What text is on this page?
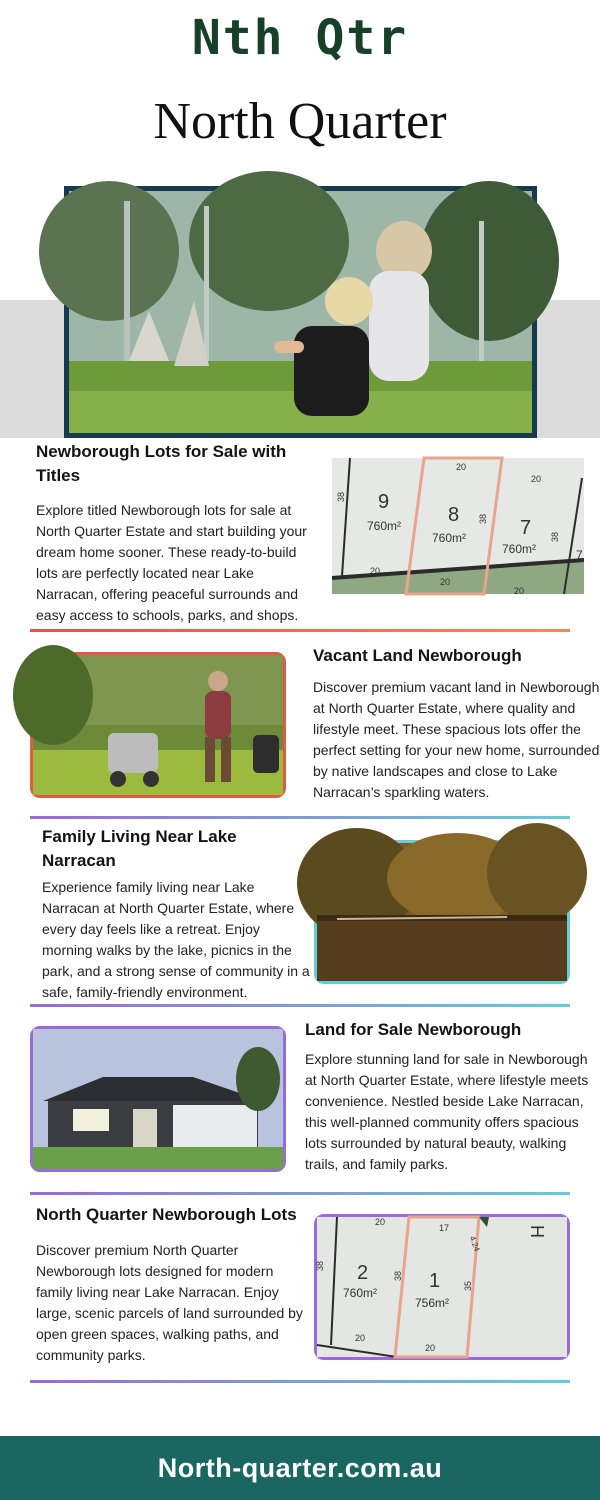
Nth Qtr
North Quarter
Newborough Lots for Sale with Titles
Explore titled Newborough lots for sale at North Quarter Estate and start building your dream home sooner. These ready-to-build lots are perfectly located near Lake Narracan, offering peaceful surrounds and easy access to schools, parks, and shops.
9
760m² 8
760m²	7
760m²
20
20
38
38
38
20
20
20
7
Vacant Land Newborough
Discover premium vacant land in Newborough at North Quarter Estate, where quality and lifestyle meet. These spacious lots offer the perfect setting for your new home, surrounded by native landscapes and close to Lake Narracan’s sparkling waters.
Family Living Near Lake Narracan
Experience family living near Lake Narracan at North Quarter Estate, where every day feels like a retreat. Enjoy morning walks by the lake, picnics in the park, and a strong sense of community in a safe, family-friendly environment.
Land for Sale Newborough
Explore stunning land for sale in Newborough at North Quarter Estate, where lifestyle meets convenience. Nestled beside Lake Narracan, this well-planned community offers spacious lots surrounded by natural beauty, walking trails, and family parks.
North Quarter Newborough Lots
Discover premium North Quarter Newborough lots designed for modern family living near Lake Narracan. Enjoy large, scenic parcels of land surrounded by open green spaces, walking paths, and community parks.
2
760m²
1
756m²
20
17
4.24
38
38
35
20
20
H
North-quarter.com.au
